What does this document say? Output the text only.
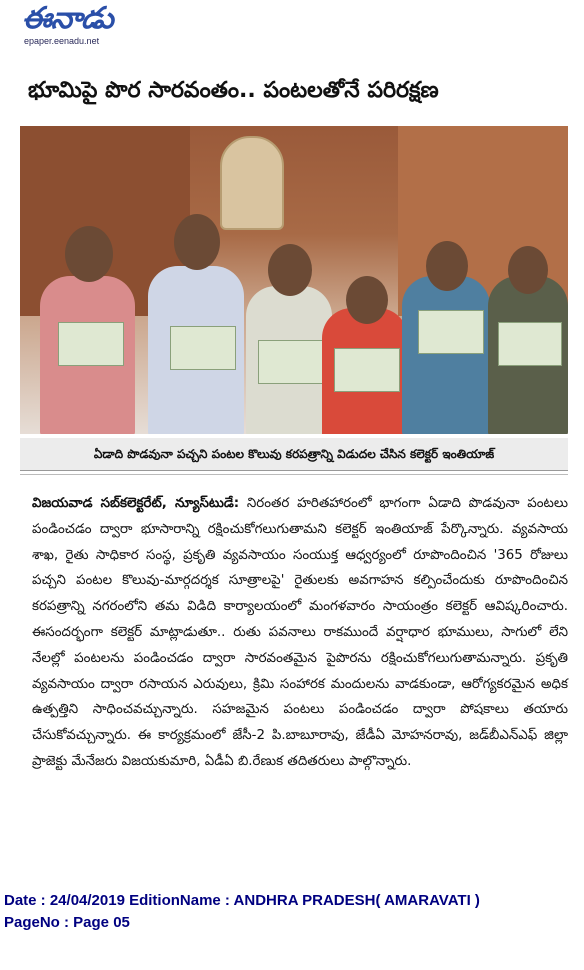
ఈనాడు
epaper.eenadu.net
భూమిపై పొర సారవంతం.. పంటలతోనే పరిరక్షణ
ఏడాది పొడవునా పచ్చని పంటల కొలువు కరపత్రాన్ని విడుదల చేసిన కలెక్టర్ ఇంతియాజ్
విజయవాడ సబ్‌కలెక్టరేట్, న్యూస్‌టుడే: నిరంతర హరితహారంలో భాగంగా ఏడాది పొడవునా పంటలు పండించడం ద్వారా భూసారాన్ని రక్షించుకోగలుగుతామని కలెక్టర్ ఇంతియాజ్ పేర్కొన్నారు. వ్యవసాయ శాఖ, రైతు సాధికార సంస్థ, ప్రకృతి వ్యవసాయం సంయుక్త ఆధ్వర్యంలో రూపొందించిన '365 రోజులు పచ్చని పంటల కొలువు-మార్గదర్శక సూత్రాలపై' రైతులకు అవగాహన కల్పించేందుకు రూపొందించిన కరపత్రాన్ని నగరంలోని తమ విడిది కార్యాలయంలో మంగళవారం సాయంత్రం కలెక్టర్ ఆవిష్కరించారు. ఈసందర్భంగా కలెక్టర్ మాట్లాడుతూ.. రుతు పవనాలు రాకముందే వర్షాధార భూములు, సాగులో లేని నేలల్లో పంటలను పండించడం ద్వారా సారవంతమైన పైపొరను రక్షించుకోగలుగుతామన్నారు. ప్రకృతి వ్యవసాయం ద్వారా రసాయన ఎరువులు, క్రిమి సంహారక మందులను వాడకుండా, ఆరోగ్యకరమైన అధిక ఉత్పత్తిని సాధించవచ్చున్నారు. సహజమైన పంటలు పండించడం ద్వారా పోషకాలు తయారు చేసుకోవచ్చున్నారు. ఈ కార్యక్రమంలో జేసీ-2 పి.బాబూరావు, జేడీఏ మోహనరావు, జడ్‌బీఎన్‌ఎఫ్ జిల్లా ప్రాజెక్టు మేనేజరు విజయకుమారి, ఏడీఏ బి.రేణుక తదితరులు పాల్గొన్నారు.
Date : 24/04/2019 EditionName : ANDHRA PRADESH( AMARAVATI )
PageNo : Page 05
